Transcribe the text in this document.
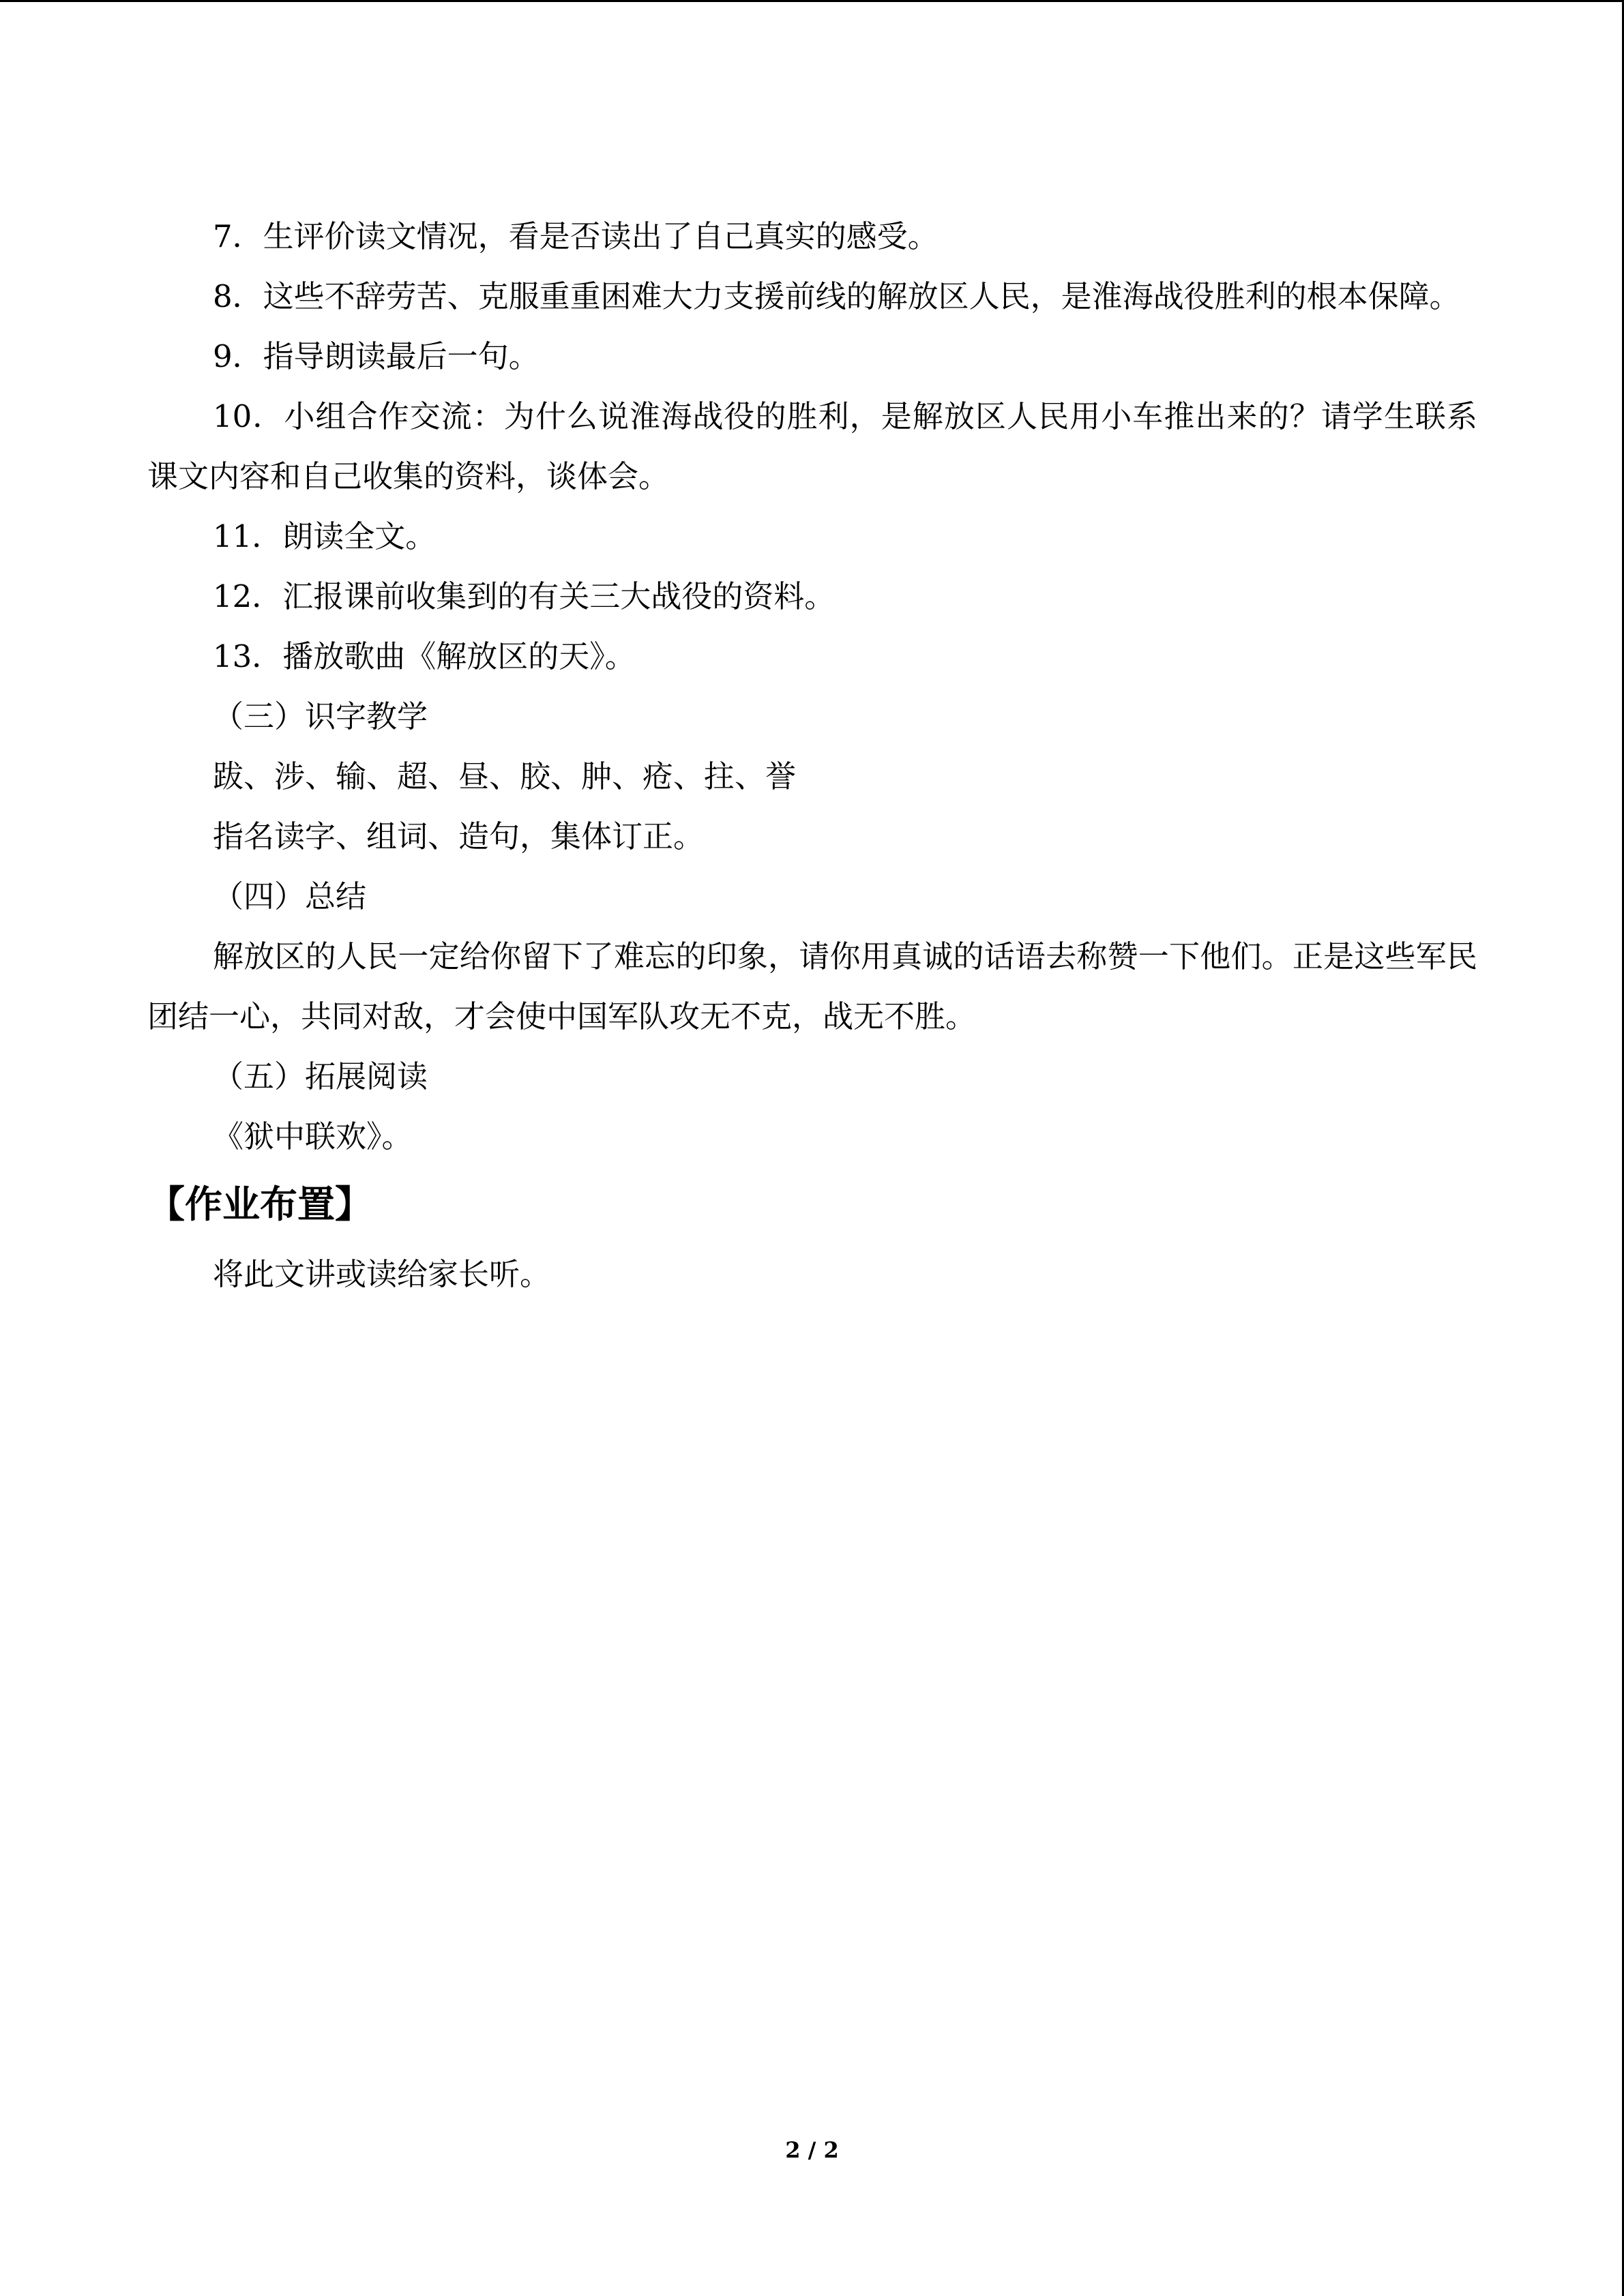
7．生评价读文情况，看是否读出了自己真实的感受。

8．这些不辞劳苦、克服重重困难大力支援前线的解放区人民，是淮海战役胜利的根本保障。

9．指导朗读最后一句。

10．小组合作交流：为什么说淮海战役的胜利，是解放区人民用小车推出来的？请学生联系课文内容和自己收集的资料，谈体会。

11．朗读全文。

12．汇报课前收集到的有关三大战役的资料。

13．播放歌曲《解放区的天》。

（三）识字教学

跋、涉、输、超、昼、胶、肿、疮、拄、誉

指名读字、组词、造句，集体订正。

（四）总结

解放区的人民一定给你留下了难忘的印象，请你用真诚的话语去称赞一下他们。正是这些军民团结一心，共同对敌，才会使中国军队攻无不克，战无不胜。

（五）拓展阅读

《狱中联欢》。

【作业布置】

将此文讲或读给家长听。

2 / 2
